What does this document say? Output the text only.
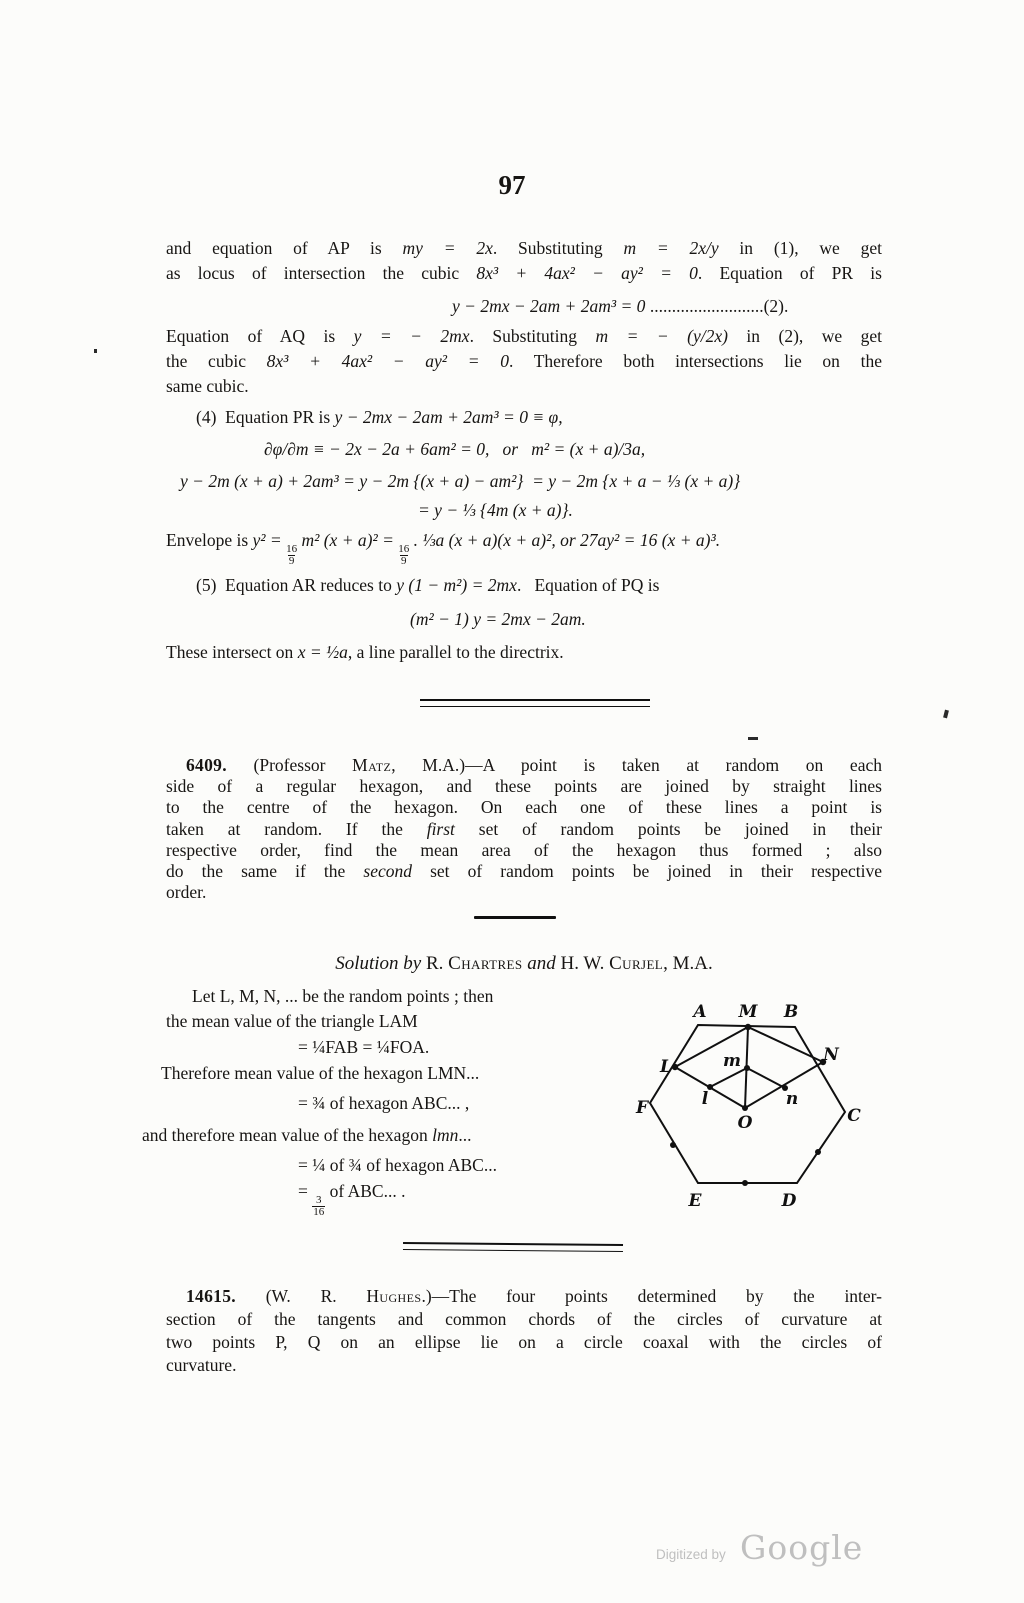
97
and equation of AP is my = 2x. Substituting m = 2x/y in (1), we get
as locus of intersection the cubic 8x³ + 4ax² − ay² = 0. Equation of PR is
y − 2mx − 2am + 2am³ = 0 ..........................(2).
Equation of AQ is y = − 2mx. Substituting m = − (y/2x) in (2), we get
the cubic 8x³ + 4ax² − ay² = 0. Therefore both intersections lie on the
same cubic.
(4)  Equation PR is y − 2mx − 2am + 2am³ = 0 ≡ φ,
∂φ/∂m ≡ − 2x − 2a + 6am² = 0,   or   m² = (x + a)/3a,
y − 2m (x + a) + 2am³ = y − 2m {(x + a) − am²}  = y − 2m {x + a − ⅓ (x + a)}
= y − ⅓ {4m (x + a)}.
Envelope is y² =
$\frac{16}{9}$
m² (x + a)² =
$\frac{16}{9}$
. ⅓a (x + a)(x + a)², or 27ay² = 16 (x + a)³.
(5)  Equation AR reduces to y (1 − m²) = 2mx.   Equation of PQ is
(m² − 1) y = 2mx − 2am.
These intersect on x = ½a, a line parallel to the directrix.
6409. (Professor Matz, M.A.)—A point is taken at random on each
side of a regular hexagon, and these points are joined by straight lines
to the centre of the hexagon. On each one of these lines a point is
taken at random. If the first set of random points be joined in their
respective order, find the mean area of the hexagon thus formed ; also
do the same if the second set of random points be joined in their respective
order.
Solution by R. Chartres and H. W. Curjel, M.A.
Let L, M, N, ... be the random points ; then
the mean value of the triangle LAM
= ¼FAB = ¼FOA.
Therefore mean value of the hexagon LMN...
= ¾ of hexagon ABC... ,
and therefore mean value of the hexagon lmn...
= ¼ of ¾ of hexagon ABC...
=
$\frac{3}{16}$
of ABC... .
A M B
L
N
F	C
O
m
l	n
E	D
14615. (W. R. Hughes.)—The four points determined by the inter-
section of the tangents and common chords of the circles of curvature at
two points P, Q on an ellipse lie on a circle coaxal with the circles of
curvature.
Digitized by Google
